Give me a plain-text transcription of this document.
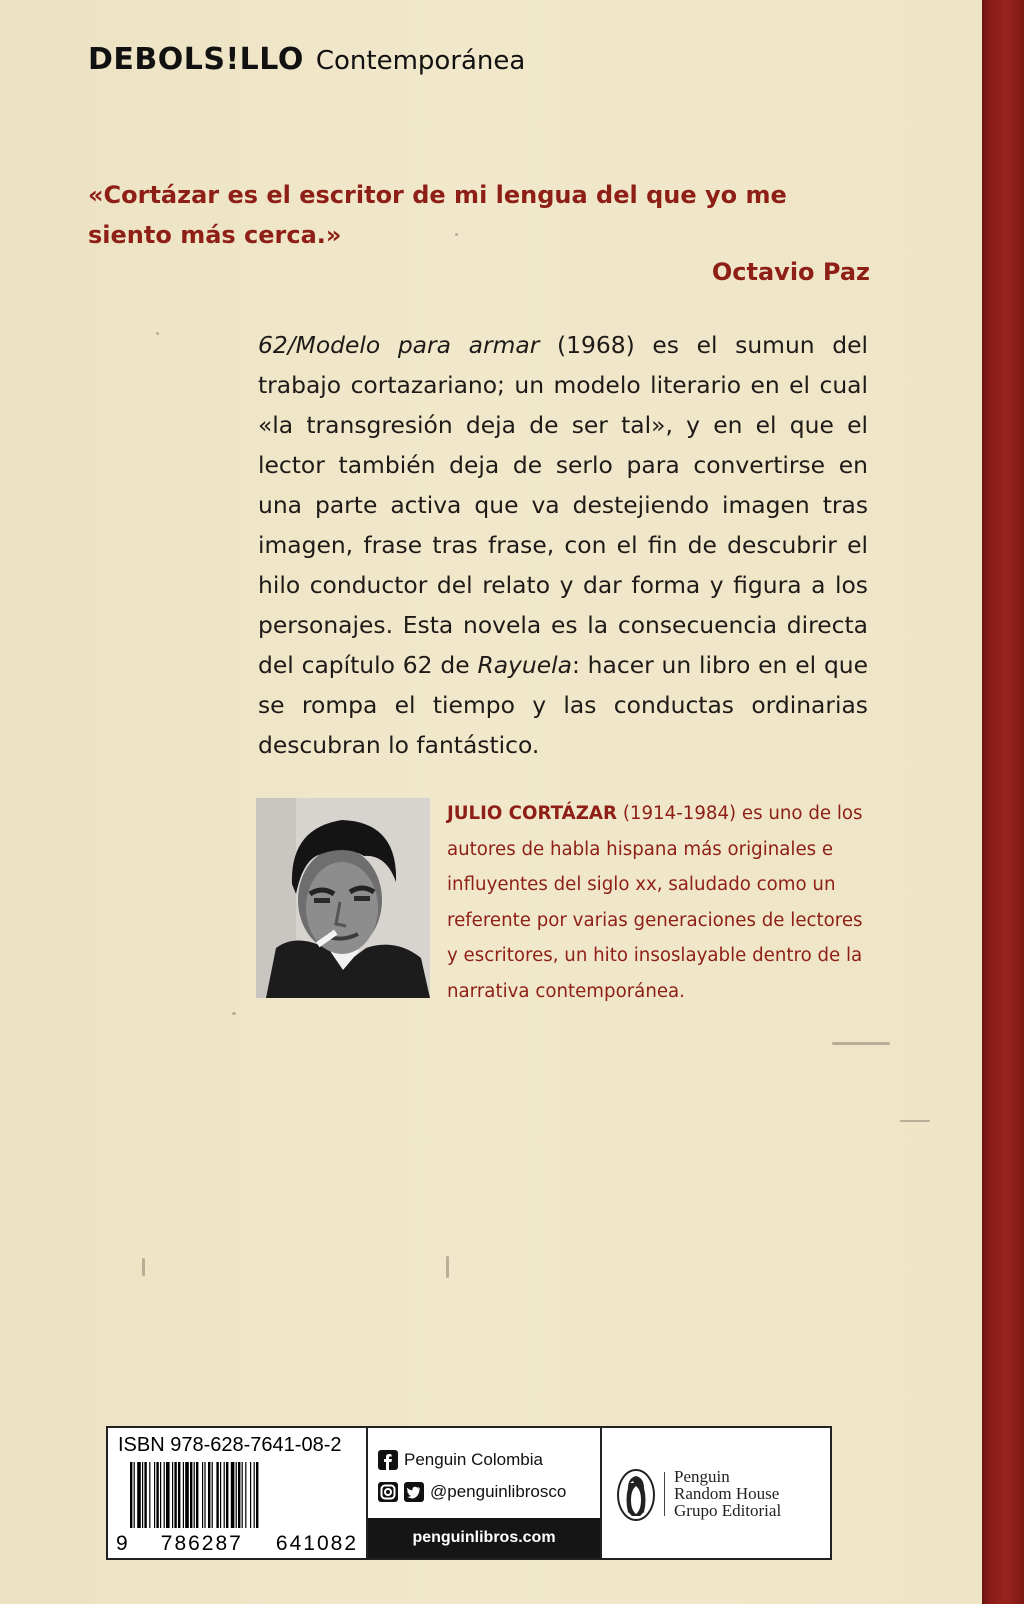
DEBOLS!LLO Contemporánea

«Cortázar es el escritor de mi lengua del que yo me siento más cerca.»

Octavio Paz

62/Modelo para armar (1968) es el sumun del trabajo cortazariano; un modelo literario en el cual «la transgresión deja de ser tal», y en el que el lector también deja de serlo para convertirse en una parte activa que va destejiendo imagen tras imagen, frase tras frase, con el fin de descubrir el hilo conductor del relato y dar forma y figura a los personajes. Esta novela es la consecuencia directa del capítulo 62 de Rayuela: hacer un libro en el que se rompa el tiempo y las conductas ordinarias descubran lo fantástico.

JULIO CORTÁZAR (1914-1984) es uno de los autores de habla hispana más originales e influyentes del siglo xx, saludado como un referente por varias generaciones de lectores y escritores, un hito insoslayable dentro de la narrativa contemporánea.

ISBN 978-628-7641-08-2
9 786287 641082
Penguin Colombia
@penguinlibrosco
penguinlibros.com
Penguin
Random House
Grupo Editorial
